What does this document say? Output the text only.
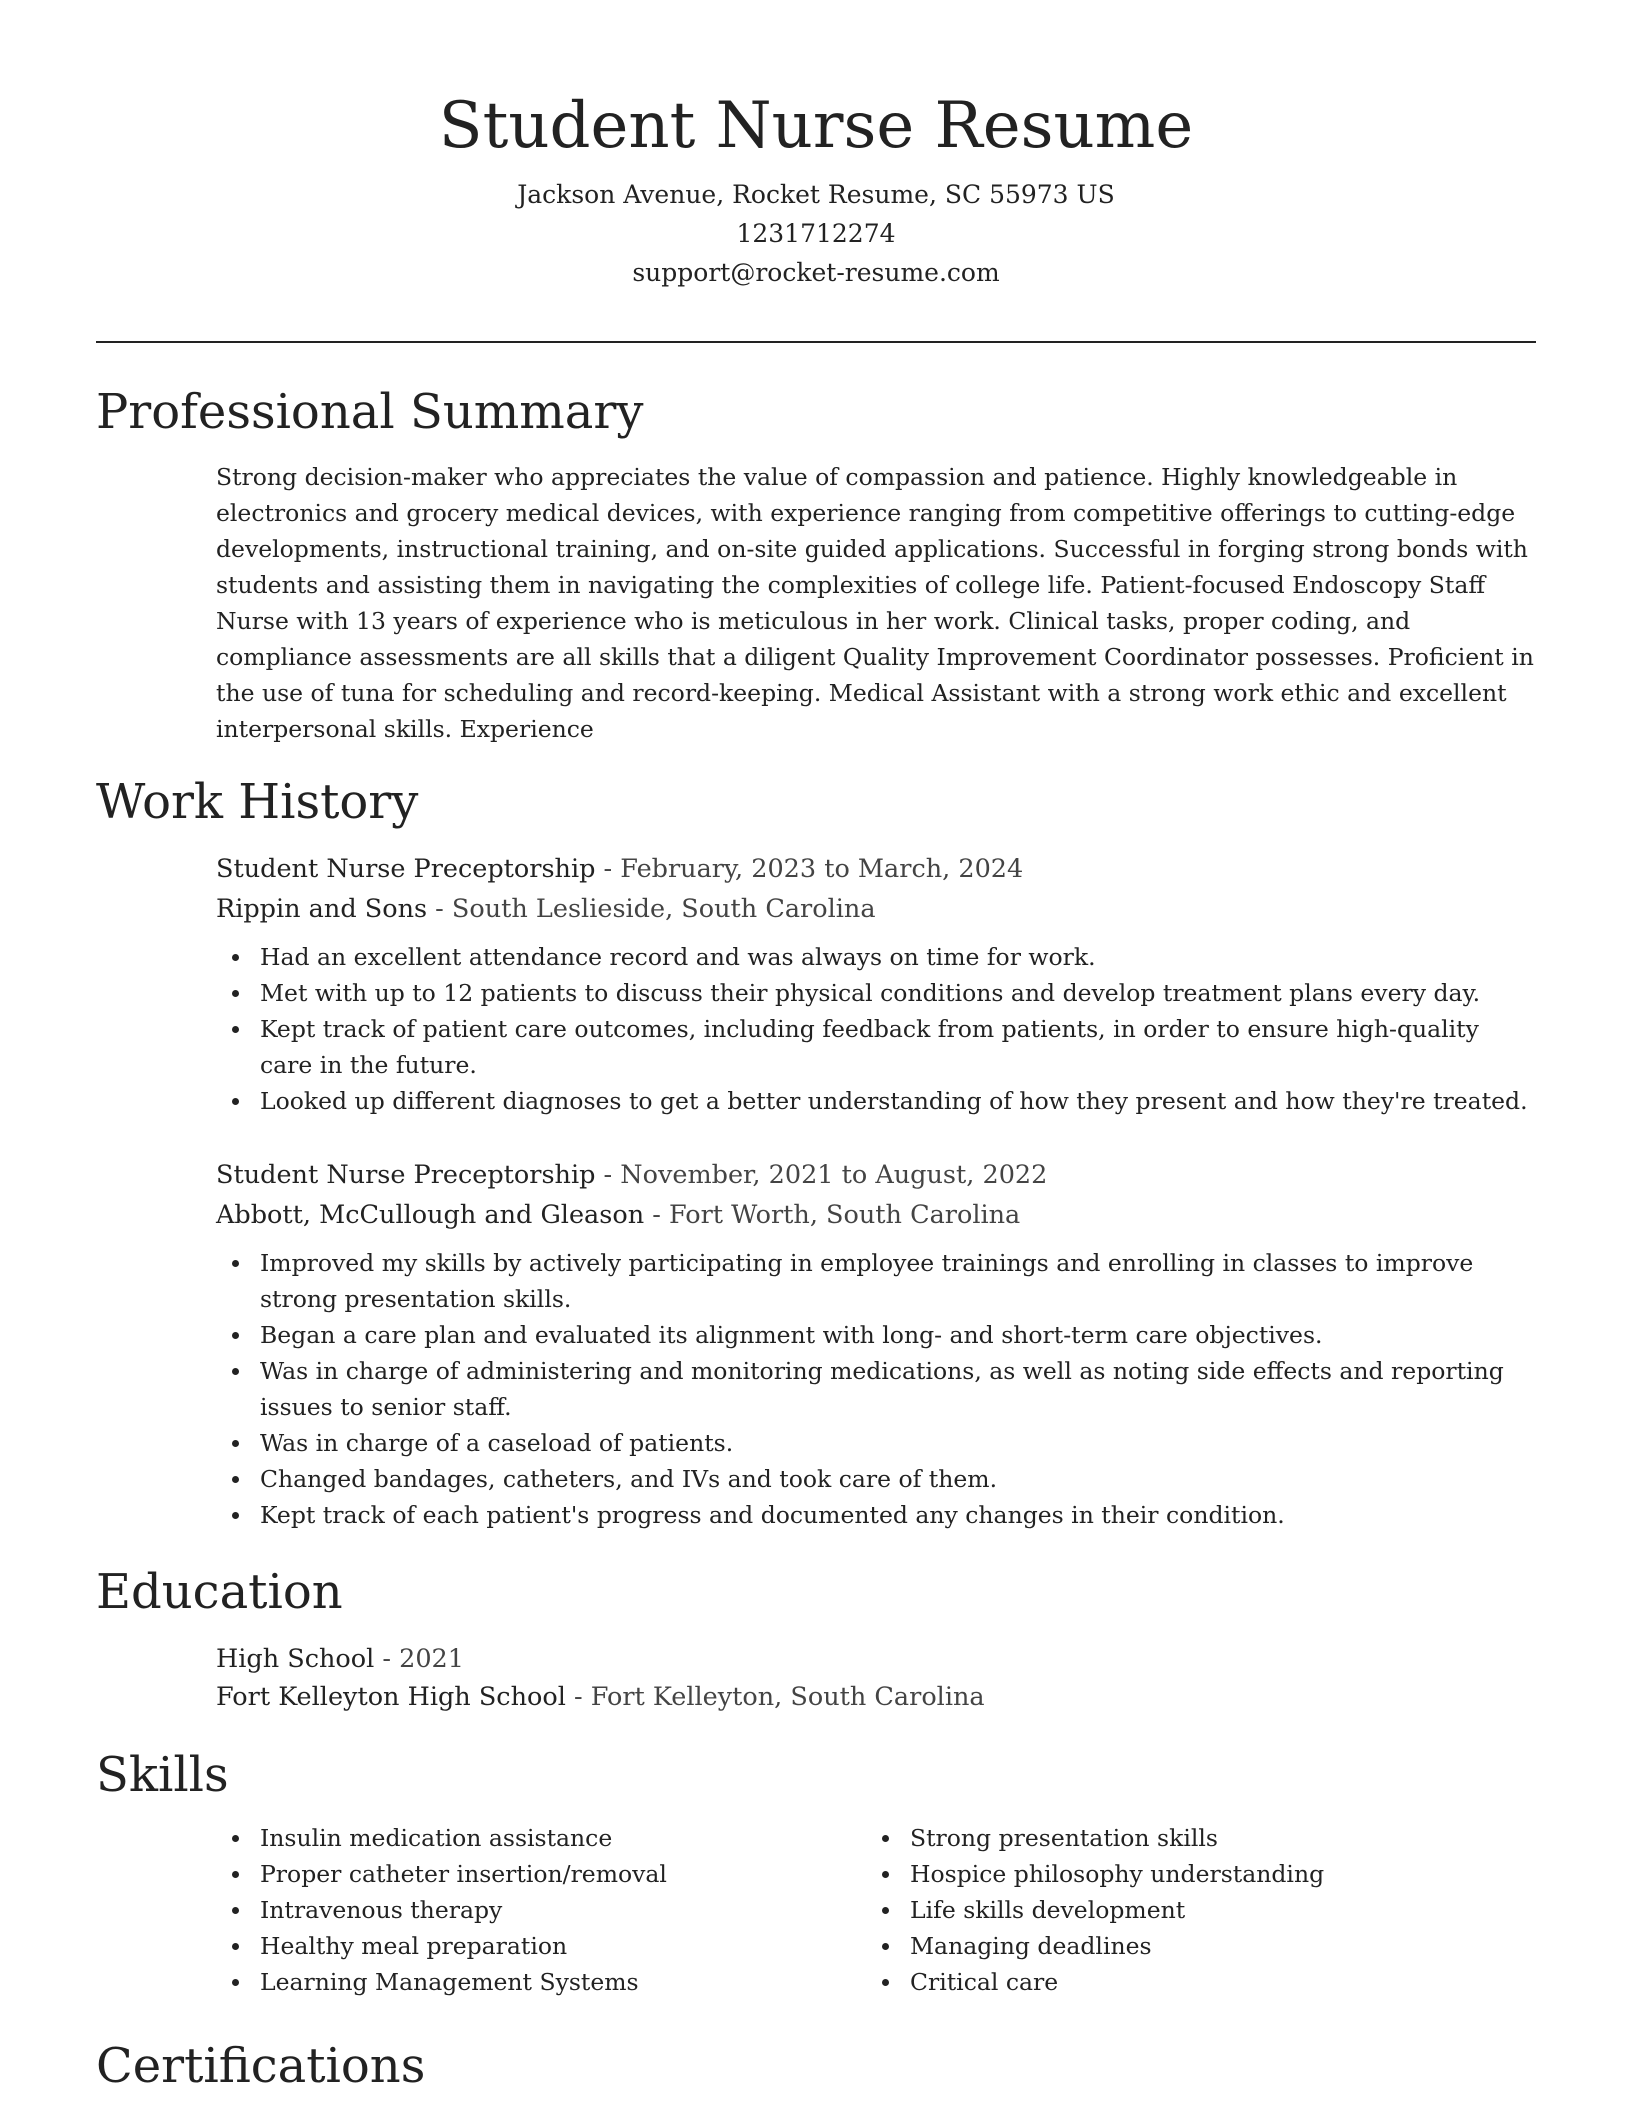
Student Nurse Resume

Jackson Avenue, Rocket Resume, SC 55973 US

1231712274

support@rocket-resume.com

Professional Summary

Strong decision-maker who appreciates the value of compassion and patience. Highly knowledgeable in electronics and grocery medical devices, with experience ranging from competitive offerings to cutting-edge developments, instructional training, and on-site guided applications. Successful in forging strong bonds with students and assisting them in navigating the complexities of college life. Patient-focused Endoscopy Staff Nurse with 13 years of experience who is meticulous in her work. Clinical tasks, proper coding, and compliance assessments are all skills that a diligent Quality Improvement Coordinator possesses. Proficient in the use of tuna for scheduling and record-keeping. Medical Assistant with a strong work ethic and excellent interpersonal skills. Experience

Work History

Student Nurse Preceptorship - February, 2023 to March, 2024

Rippin and Sons - South Leslieside, South Carolina

Had an excellent attendance record and was always on time for work.
Met with up to 12 patients to discuss their physical conditions and develop treatment plans every day.
Kept track of patient care outcomes, including feedback from patients, in order to ensure high-quality care in the future.
Looked up different diagnoses to get a better understanding of how they present and how they're treated.

Student Nurse Preceptorship - November, 2021 to August, 2022

Abbott, McCullough and Gleason - Fort Worth, South Carolina

Improved my skills by actively participating in employee trainings and enrolling in classes to improve strong presentation skills.
Began a care plan and evaluated its alignment with long- and short-term care objectives.
Was in charge of administering and monitoring medications, as well as noting side effects and reporting issues to senior staff.
Was in charge of a caseload of patients.
Changed bandages, catheters, and IVs and took care of them.
Kept track of each patient's progress and documented any changes in their condition.
Education

High School - 2021

Fort Kelleyton High School - Fort Kelleyton, South Carolina

Skills
Insulin medication assistance
Proper catheter insertion/removal
Intravenous therapy
Healthy meal preparation
Learning Management Systems
Strong presentation skills
Hospice philosophy understanding
Life skills development
Managing deadlines
Critical care
Certifications
